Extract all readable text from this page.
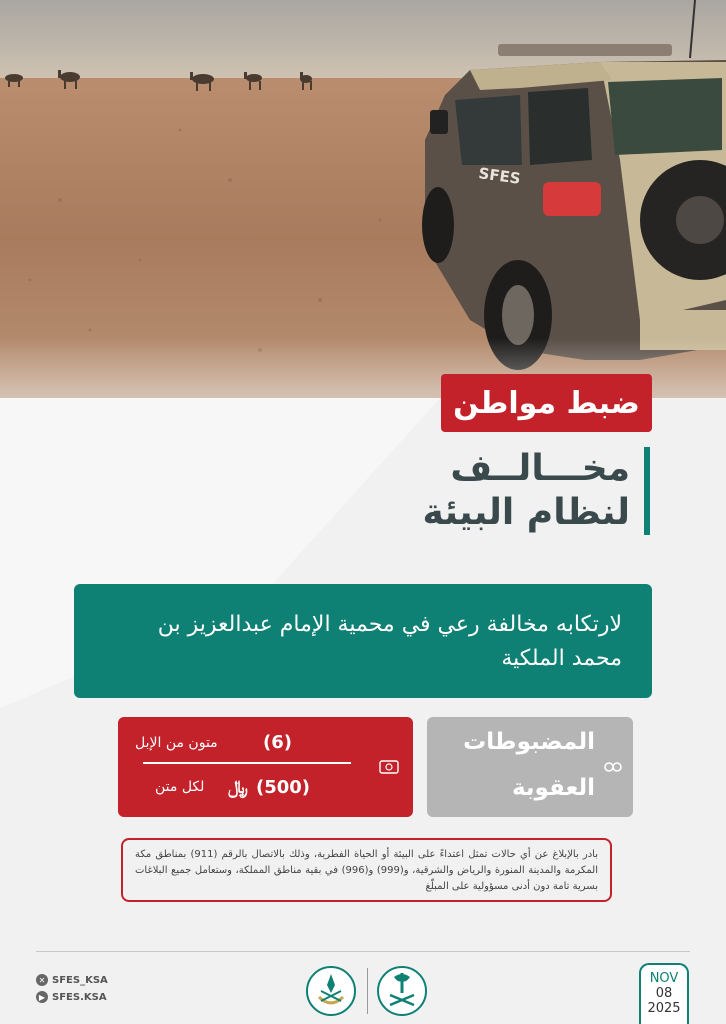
ضبط مواطن
مخـــالــف
لنظام البيئة
لارتكابه مخالفة رعي في محمية الإمام عبدالعزيز بن محمد الملكية
المضبوطات
العقوبة
(6)
متون من الإبل
(500)
﷼
لكل متن
بادر بالإبلاغ عن أي حالات تمثل اعتداءً على البيئة أو الحياة الفطرية، وذلك بالاتصال بالرقم (911) بمناطق مكة المكرمة والمدينة المنورة والرياض والشرقية، و(999) و(996) في بقية مناطق المملكة، وستعامل جميع البلاغات بسرية تامة دون أدنى مسؤولية على المبلّغ
✕ SFES_KSA
▶ SFES.KSA
NOV
08
2025
